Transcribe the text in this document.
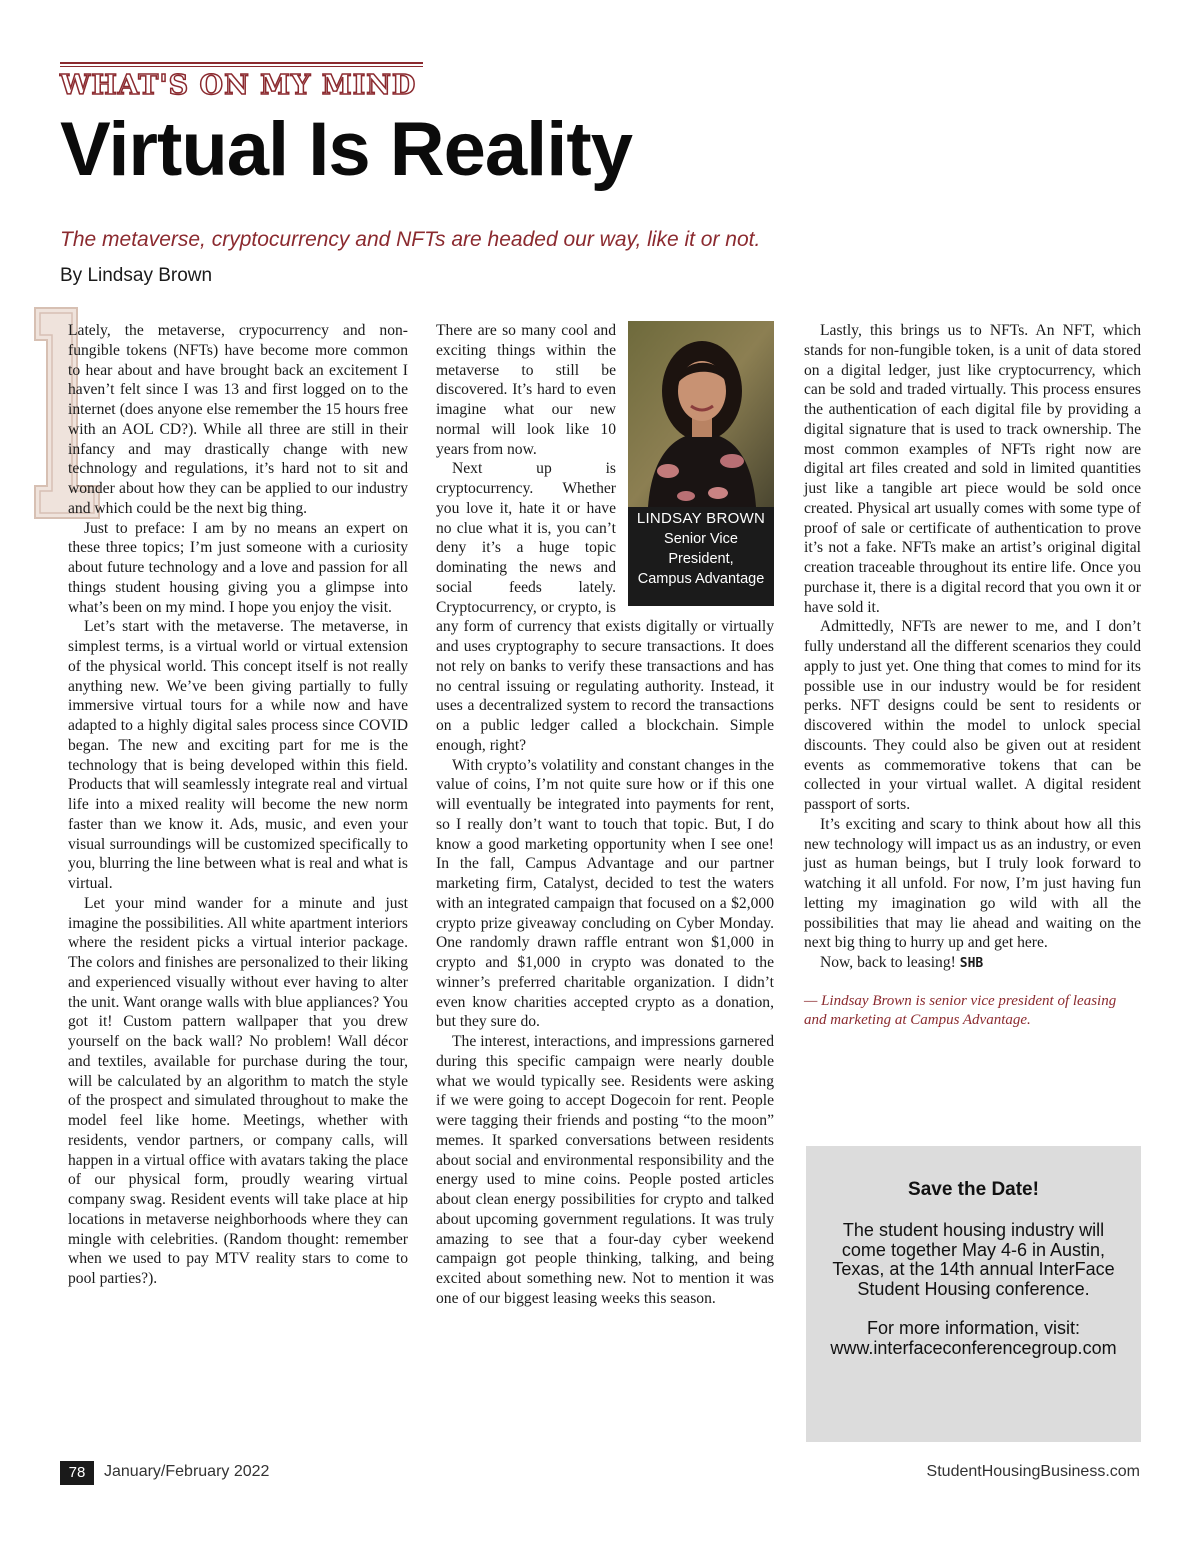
WHAT'S ON MY MIND
Virtual Is Reality
The metaverse, cryptocurrency and NFTs are headed our way, like it or not.
By Lindsay Brown

Lately, the metaverse, crypocurrency and non-fungible tokens (NFTs) have become more common to hear about and have brought back an excitement I haven’t felt since I was 13 and first logged on to the internet (does anyone else remember the 15 hours free with an AOL CD?). While all three are still in their infancy and may drastically change with new technology and regulations, it’s hard not to sit and wonder about how they can be applied to our industry and which could be the next big thing.

Just to preface: I am by no means an expert on these three topics; I’m just someone with a curiosity about future technology and a love and passion for all things student housing giving you a glimpse into what’s been on my mind. I hope you enjoy the visit.

Let’s start with the metaverse. The metaverse, in simplest terms, is a virtual world or virtual extension of the physical world. This concept itself is not really anything new. We’ve been giving partially to fully immersive virtual tours for a while now and have adapted to a highly digital sales process since COVID began. The new and exciting part for me is the technology that is being developed within this field. Products that will seamlessly integrate real and virtual life into a mixed reality will become the new norm faster than we know it. Ads, music, and even your visual surroundings will be customized specifically to you, blurring the line between what is real and what is virtual.

Let your mind wander for a minute and just imagine the possibilities. All white apartment interiors where the resident picks a virtual interior package. The colors and finishes are personalized to their liking and experienced visually without ever having to alter the unit. Want orange walls with blue appliances? You got it! Custom pattern wallpaper that you drew yourself on the back wall? No problem! Wall décor and textiles, available for purchase during the tour, will be calculated by an algorithm to match the style of the prospect and simulated throughout to make the model feel like home. Meetings, whether with residents, vendor partners, or company calls, will happen in a virtual office with avatars taking the place of our physical form, proudly wearing virtual company swag. Resident events will take place at hip locations in metaverse neighborhoods where they can mingle with celebrities. (Random thought: remember when we used to pay MTV reality stars to come to pool parties?).

LINDSAY BROWN
Senior Vice
President,
Campus Advantage

There are so many cool and exciting things within the metaverse to still be discovered. It’s hard to even imagine what our new normal will look like 10 years from now.

Next up is cryptocurrency. Whether you love it, hate it or have no clue what it is, you can’t deny it’s a huge topic dominating the news and social feeds lately. Cryptocurrency, or crypto, is any form of currency that exists digitally or virtually and uses cryptography to secure transactions. It does not rely on banks to verify these transactions and has no central issuing or regulating authority. Instead, it uses a decentralized system to record the transactions on a public ledger called a blockchain. Simple enough, right?

With crypto’s volatility and constant changes in the value of coins, I’m not quite sure how or if this one will eventually be integrated into payments for rent, so I really don’t want to touch that topic. But, I do know a good marketing opportunity when I see one! In the fall, Campus Advantage and our partner marketing firm, Catalyst, decided to test the waters with an integrated campaign that focused on a $2,000 crypto prize giveaway concluding on Cyber Monday. One randomly drawn raffle entrant won $1,000 in crypto and $1,000 in crypto was donated to the winner’s preferred charitable organization. I didn’t even know charities accepted crypto as a donation, but they sure do.

The interest, interactions, and impressions garnered during this specific campaign were nearly double what we would typically see. Residents were asking if we were going to accept Dogecoin for rent. People were tagging their friends and posting “to the moon” memes. It sparked conversations between residents about social and environmental responsibility and the energy used to mine coins. People posted articles about clean energy possibilities for crypto and talked about upcoming government regulations. It was truly amazing to see that a four-day cyber weekend campaign got people thinking, talking, and being excited about something new. Not to mention it was one of our biggest leasing weeks this season.

Lastly, this brings us to NFTs. An NFT, which stands for non-fungible token, is a unit of data stored on a digital ledger, just like cryptocurrency, which can be sold and traded virtually. This process ensures the authentication of each digital file by providing a digital signature that is used to track ownership. The most common examples of NFTs right now are digital art files created and sold in limited quantities just like a tangible art piece would be sold once created. Physical art usually comes with some type of proof of sale or certificate of authentication to prove it’s not a fake. NFTs make an artist’s original digital creation traceable throughout its entire life. Once you purchase it, there is a digital record that you own it or have sold it.

Admittedly, NFTs are newer to me, and I don’t fully understand all the different scenarios they could apply to just yet. One thing that comes to mind for its possible use in our industry would be for resident perks. NFT designs could be sent to residents or discovered within the model to unlock special discounts. They could also be given out at resident events as commemorative tokens that can be collected in your virtual wallet. A digital resident passport of sorts.

It’s exciting and scary to think about how all this new technology will impact us as an industry, or even just as human beings, but I truly look forward to watching it all unfold. For now, I’m just having fun letting my imagination go wild with all the possibilities that may lie ahead and waiting on the next big thing to hurry up and get here.

Now, back to leasing! SHB

— Lindsay Brown is senior vice president of leasing and marketing at Campus Advantage.

Save the Date!

The student housing industry will come together May 4-6 in Austin, Texas, at the 14th annual InterFace Student Housing conference.

For more information, visit: www.interfaceconferencegroup.com

78	January/February 2022	StudentHousingBusiness.com
